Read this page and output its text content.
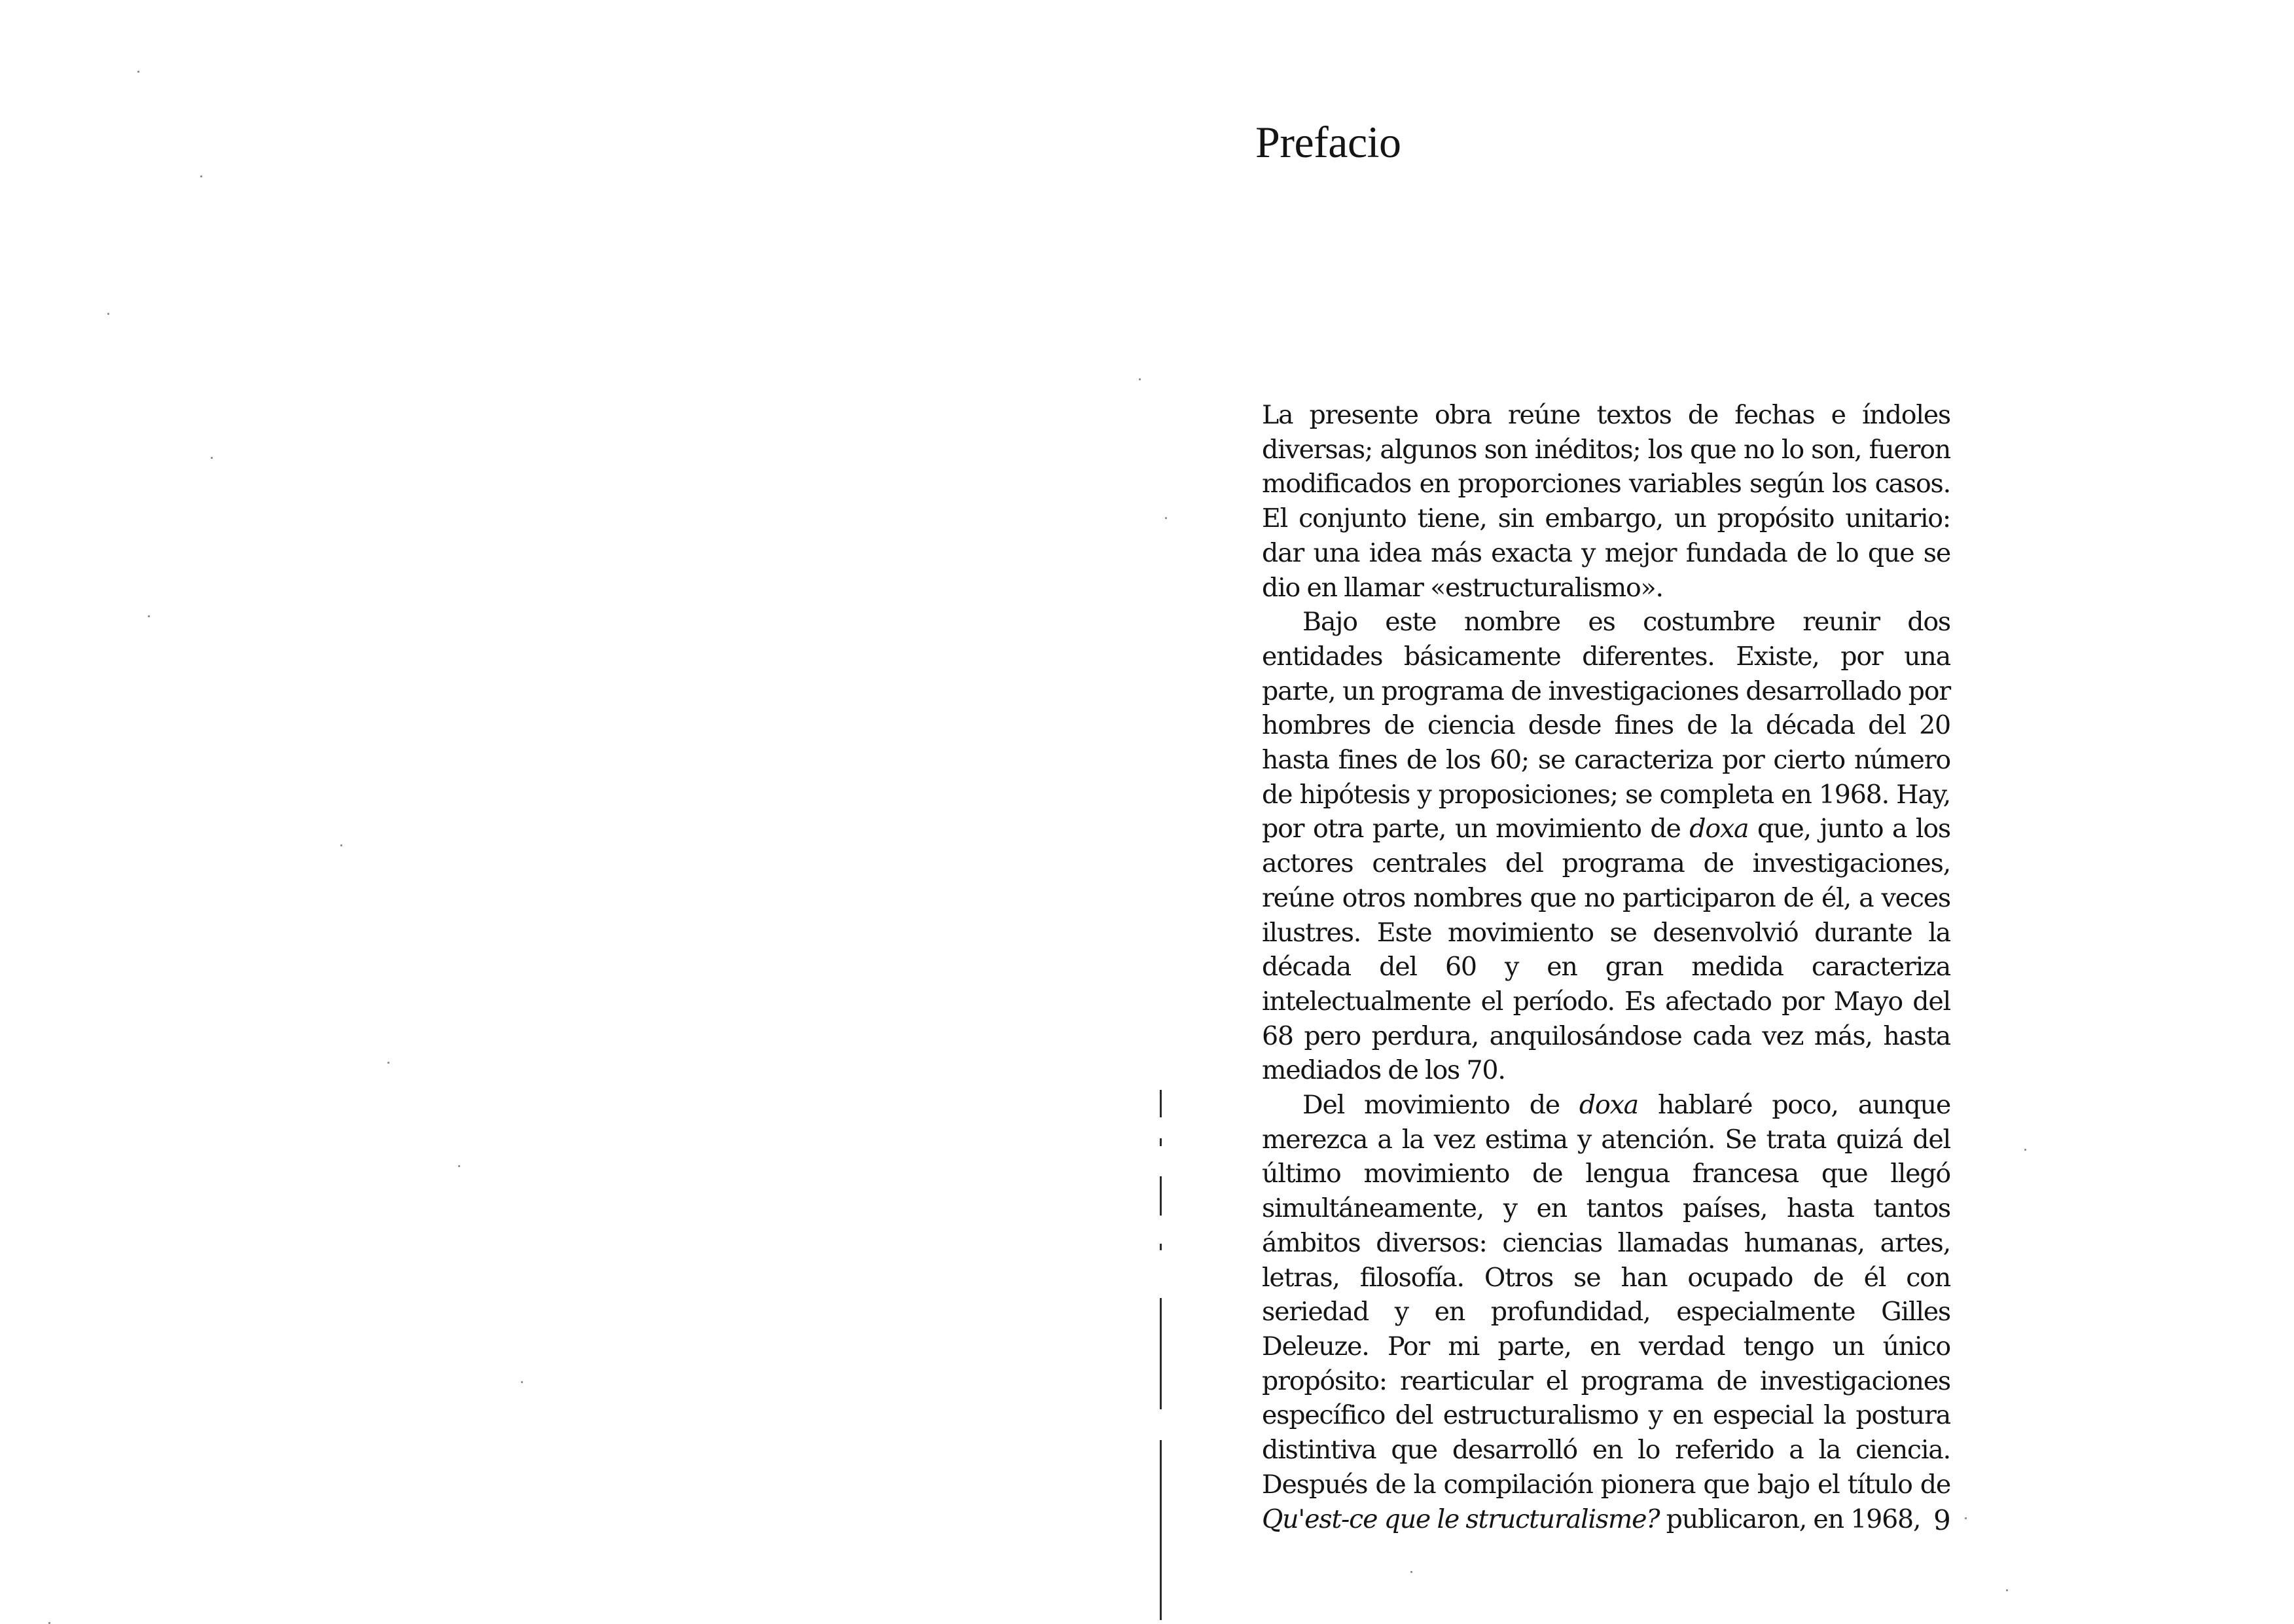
Prefacio

La presente obra reúne textos de fechas e índoles diversas; algunos son inéditos; los que no lo son, fueron modificados en proporciones variables según los casos. El conjunto tiene, sin embargo, un propósito unitario: dar una idea más exacta y mejor fundada de lo que se dio en llamar «estructuralismo».

Bajo este nombre es costumbre reunir dos entidades básicamente diferentes. Existe, por una parte, un programa de investigaciones desarrollado por hombres de ciencia desde fines de la década del 20 hasta fines de los 60; se caracteriza por cierto número de hipótesis y proposiciones; se completa en 1968. Hay, por otra parte, un movimiento de doxa que, junto a los actores centrales del programa de investigaciones, reúne otros nombres que no participaron de él, a veces ilustres. Este movimiento se desenvolvió durante la década del 60 y en gran medida caracteriza intelectualmente el período. Es afectado por Mayo del 68 pero perdura, anquilosándose cada vez más, hasta mediados de los 70.

Del movimiento de doxa hablaré poco, aunque merezca a la vez estima y atención. Se trata quizá del último movimiento de lengua francesa que llegó simultáneamente, y en tantos países, hasta tantos ámbitos diversos: ciencias llamadas humanas, artes, letras, filosofía. Otros se han ocupado de él con seriedad y en profundidad, especialmente Gilles Deleuze. Por mi parte, en verdad tengo un único propósito: rearticular el programa de investigaciones específico del estructuralismo y en especial la postura distintiva que desarrolló en lo referido a la ciencia. Después de la compilación pionera que bajo el título de Qu'est-ce que le structuralisme? publicaron, en 1968, 9
